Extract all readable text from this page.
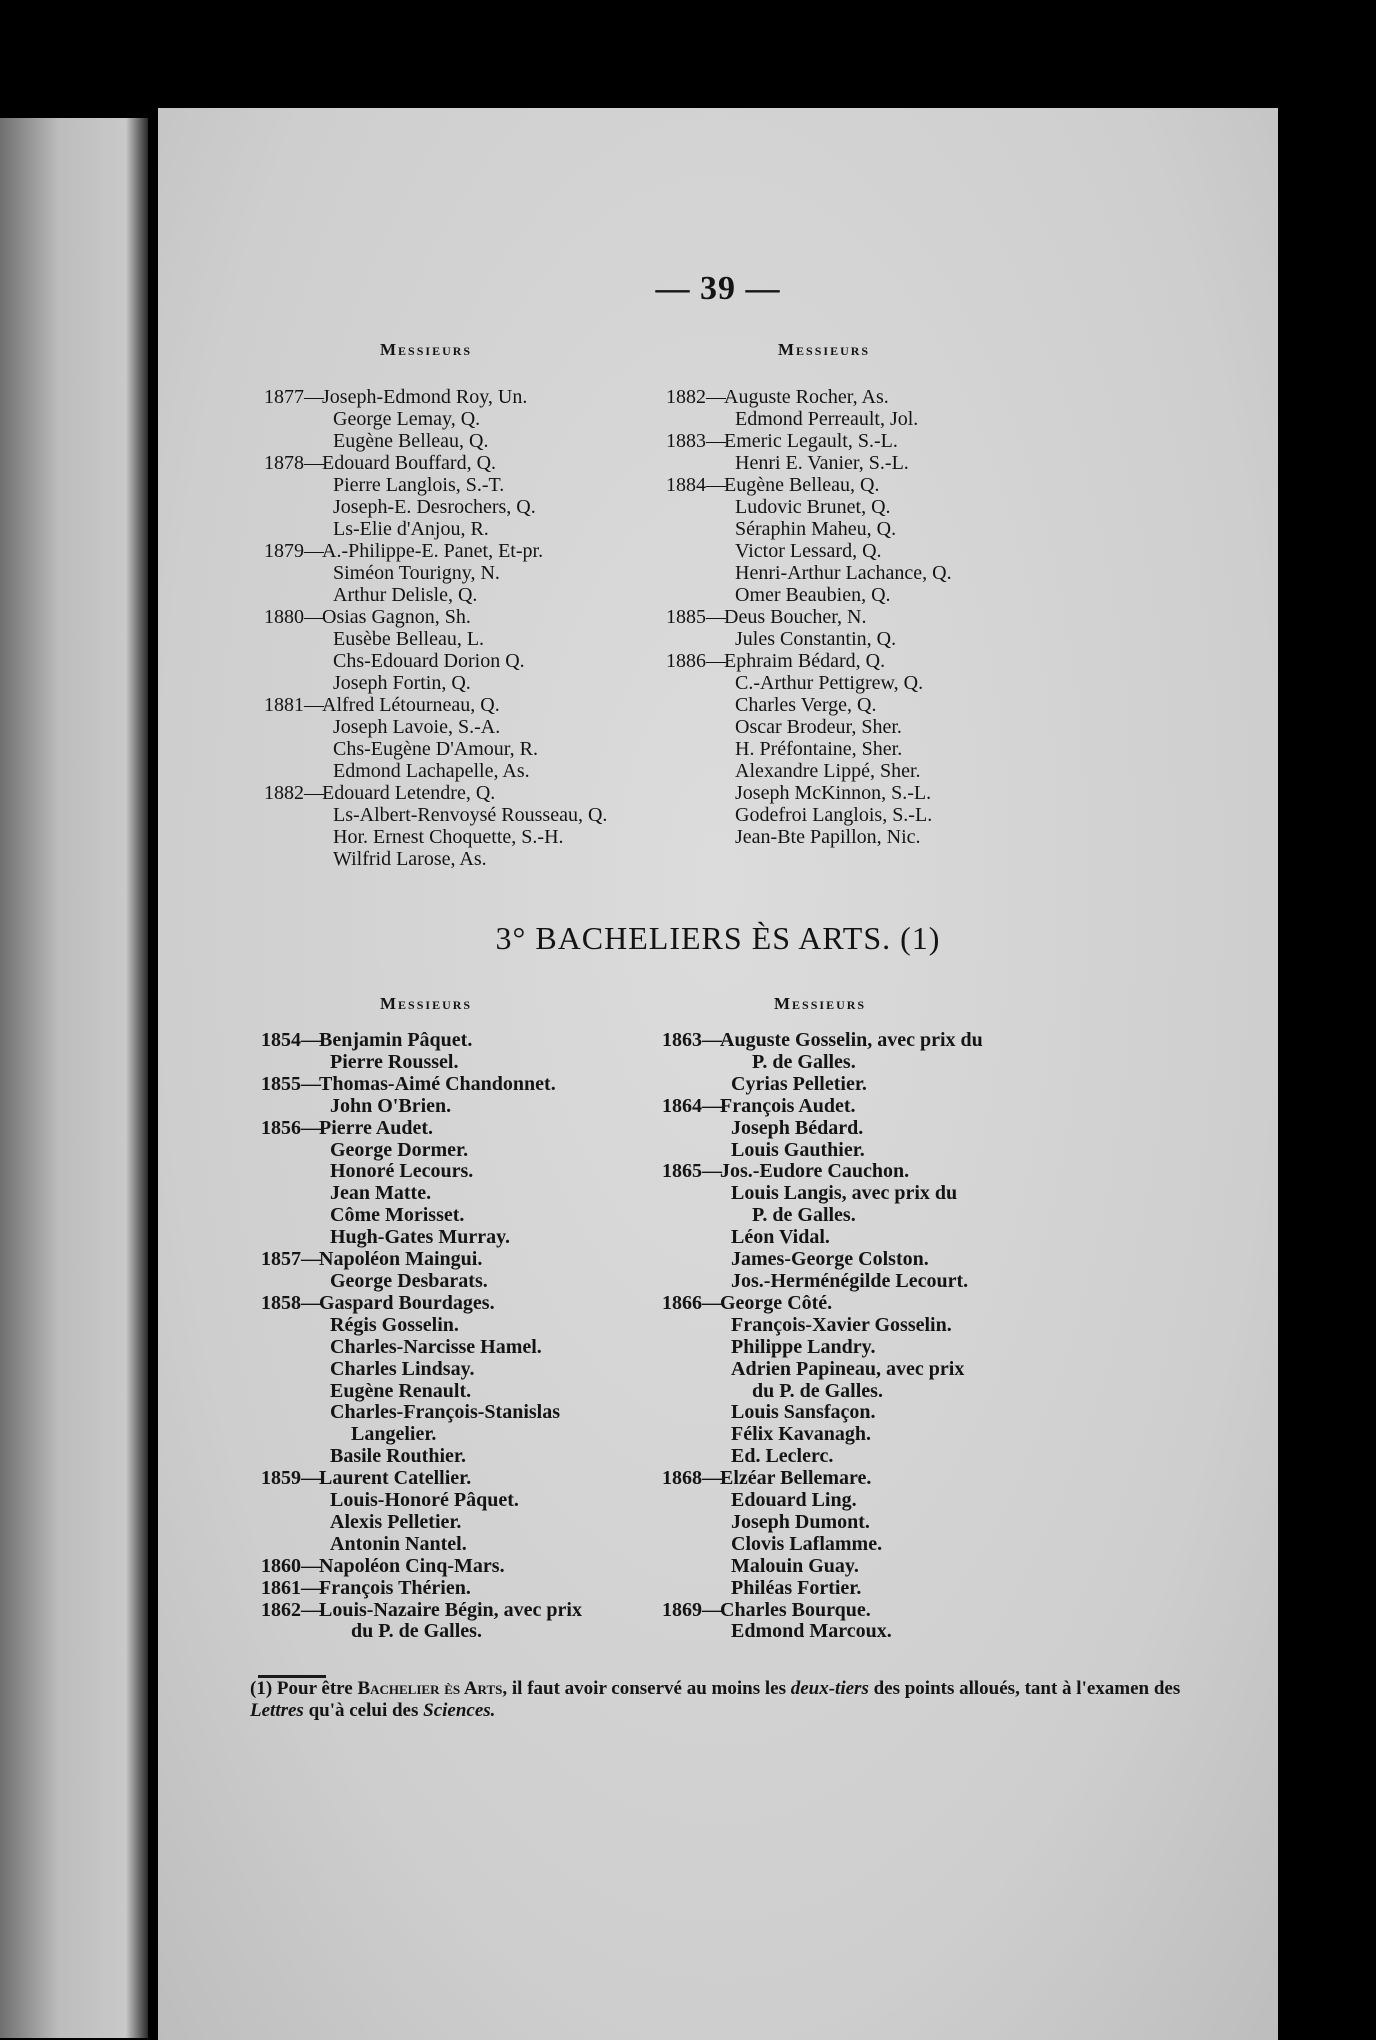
— 39 —
Messieurs	Messieurs
1877—Joseph-Edmond Roy, Un.
George Lemay, Q.
Eugène Belleau, Q.
1878—Edouard Bouffard, Q.
Pierre Langlois, S.-T.
Joseph-E. Desrochers, Q.
Ls-Elie d'Anjou, R.
1879—A.-Philippe-E. Panet, Et-pr.
Siméon Tourigny, N.
Arthur Delisle, Q.
1880—Osias Gagnon, Sh.
Eusèbe Belleau, L.
Chs-Edouard Dorion Q.
Joseph Fortin, Q.
1881—Alfred Létourneau, Q.
Joseph Lavoie, S.-A.
Chs-Eugène D'Amour, R.
Edmond Lachapelle, As.
1882—Edouard Letendre, Q.
Ls-Albert-Renvoysé Rousseau, Q.
Hor. Ernest Choquette, S.-H.
Wilfrid Larose, As.
1882—Auguste Rocher, As.
Edmond Perreault, Jol.
1883—Emeric Legault, S.-L.
Henri E. Vanier, S.-L.
1884—Eugène Belleau, Q.
Ludovic Brunet, Q.
Séraphin Maheu, Q.
Victor Lessard, Q.
Henri-Arthur Lachance, Q.
Omer Beaubien, Q.
1885—Deus Boucher, N.
Jules Constantin, Q.
1886—Ephraim Bédard, Q.
C.-Arthur Pettigrew, Q.
Charles Verge, Q.
Oscar Brodeur, Sher.
H. Préfontaine, Sher.
Alexandre Lippé, Sher.
Joseph McKinnon, S.-L.
Godefroi Langlois, S.-L.
Jean-Bte Papillon, Nic.
3° BACHELIERS ÈS ARTS. (1)
Messieurs	Messieurs
1854—Benjamin Pâquet.
Pierre Roussel.
1855—Thomas-Aimé Chandonnet.
John O'Brien.
1856—Pierre Audet.
George Dormer.
Honoré Lecours.
Jean Matte.
Côme Morisset.
Hugh-Gates Murray.
1857—Napoléon Maingui.
George Desbarats.
1858—Gaspard Bourdages.
Régis Gosselin.
Charles-Narcisse Hamel.
Charles Lindsay.
Eugène Renault.
Charles-François-Stanislas
Langelier.
Basile Routhier.
1859—Laurent Catellier.
Louis-Honoré Pâquet.
Alexis Pelletier.
Antonin Nantel.
1860—Napoléon Cinq-Mars.
1861—François Thérien.
1862—Louis-Nazaire Bégin, avec prix
du P. de Galles.
1863—Auguste Gosselin, avec prix du
P. de Galles.
Cyrias Pelletier.
1864—François Audet.
Joseph Bédard.
Louis Gauthier.
1865—Jos.-Eudore Cauchon.
Louis Langis, avec prix du
P. de Galles.
Léon Vidal.
James-George Colston.
Jos.-Herménégilde Lecourt.
1866—George Côté.
François-Xavier Gosselin.
Philippe Landry.
Adrien Papineau, avec prix
du P. de Galles.
Louis Sansfaçon.
Félix Kavanagh.
Ed. Leclerc.
1868—Elzéar Bellemare.
Edouard Ling.
Joseph Dumont.
Clovis Laflamme.
Malouin Guay.
Philéas Fortier.
1869—Charles Bourque.
Edmond Marcoux.
(1) Pour être Bachelier ès Arts, il faut avoir conservé au moins les deux-tiers des points alloués, tant à l'examen des Lettres qu'à celui des Sciences.
